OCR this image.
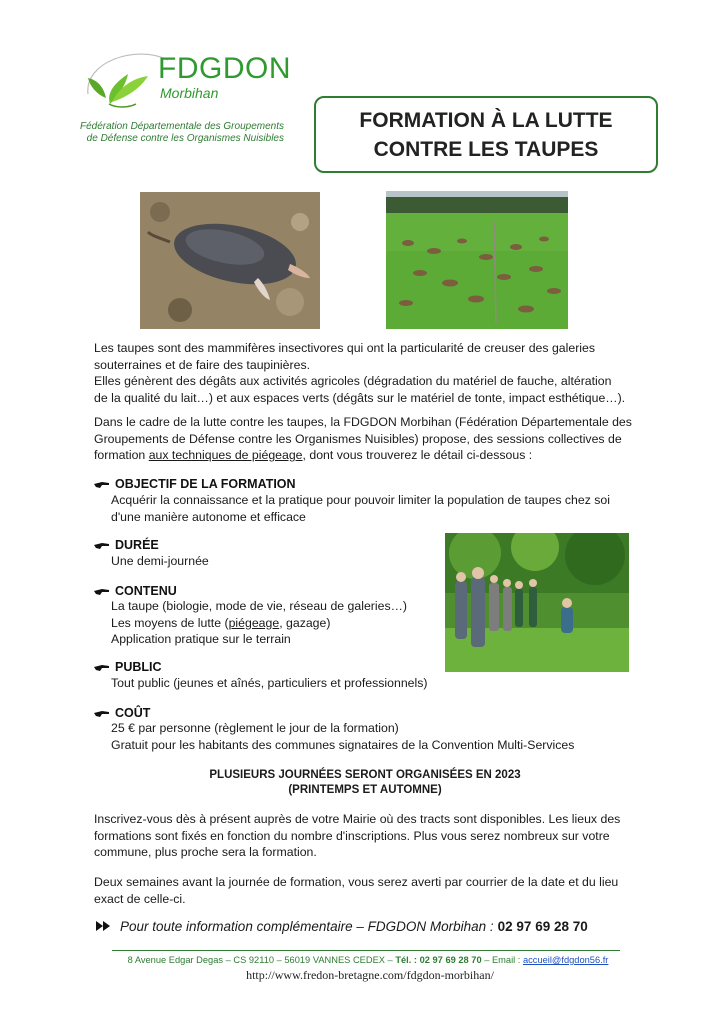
FDGDON
Morbihan
Fédération Départementale des Groupements
de Défense contre les Organismes Nuisibles
FORMATION À LA LUTTE
CONTRE LES TAUPES
Les taupes sont des mammifères insectivores qui ont la particularité de creuser des galeries
souterraines et de faire des taupinières.
Elles génèrent des dégâts aux activités agricoles (dégradation du matériel de fauche, altération
de la qualité du lait…) et aux espaces verts (dégâts sur le matériel de tonte, impact esthétique…).
Dans le cadre de la lutte contre les taupes, la FDGDON Morbihan (Fédération Départementale des
Groupements de Défense contre les Organismes Nuisibles) propose, des sessions collectives de
formation aux techniques de piégeage, dont vous trouverez le détail ci-dessous :
OBJECTIF DE LA FORMATION
Acquérir la connaissance et la pratique pour pouvoir limiter la population de taupes chez soi
d'une manière autonome et efficace
DURÉE
Une demi-journée
CONTENU
La taupe (biologie, mode de vie, réseau de galeries…)
Les moyens de lutte (piégeage, gazage)
Application pratique sur le terrain
PUBLIC
Tout public (jeunes et aînés, particuliers et professionnels)
COÛT
25 € par personne (règlement le jour de la formation)
Gratuit pour les habitants des communes signataires de la Convention Multi-Services
PLUSIEURS JOURNÉES SERONT ORGANISÉES EN 2023
(PRINTEMPS ET AUTOMNE)
Inscrivez-vous dès à présent auprès de votre Mairie où des tracts sont disponibles. Les lieux des
formations sont fixés en fonction du nombre d'inscriptions. Plus vous serez nombreux sur votre
commune, plus proche sera la formation.
Deux semaines avant la journée de formation, vous serez averti par courrier de la date et du lieu
exact de celle-ci.
Pour toute information complémentaire – FDGDON Morbihan : 02 97 69 28 70
8 Avenue Edgar Degas – CS 92110 – 56019 VANNES CEDEX – Tél. : 02 97 69 28 70 – Email : accueil@fdgdon56.fr
http://www.fredon-bretagne.com/fdgdon-morbihan/
